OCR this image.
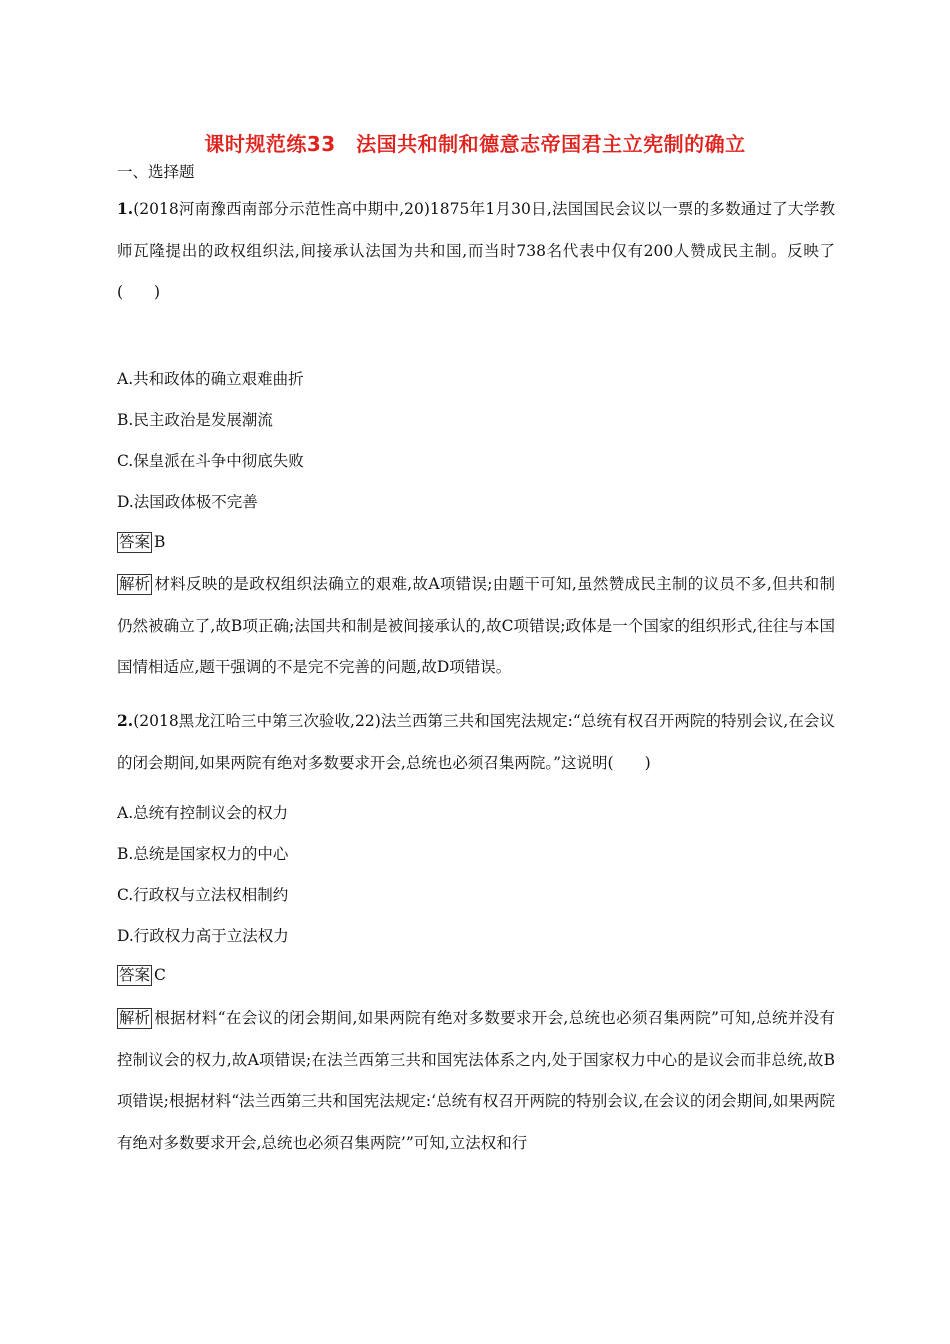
课时规范练33　法国共和制和德意志帝国君主立宪制的确立
一、选择题
1.(2018河南豫西南部分示范性高中期中,20)1875年1月30日,法国国民会议以一票的多数通过了大学教师瓦隆提出的政权组织法,间接承认法国为共和国,而当时738名代表中仅有200人赞成民主制。反映了(　　)
A.共和政体的确立艰难曲折
B.民主政治是发展潮流
C.保皇派在斗争中彻底失败
D.法国政体极不完善
答案 B
解析 材料反映的是政权组织法确立的艰难,故A项错误;由题干可知,虽然赞成民主制的议员不多,但共和制仍然被确立了,故B项正确;法国共和制是被间接承认的,故C项错误;政体是一个国家的组织形式,往往与本国国情相适应,题干强调的不是完不完善的问题,故D项错误。
2.(2018黑龙江哈三中第三次验收,22)法兰西第三共和国宪法规定:“总统有权召开两院的特别会议,在会议的闭会期间,如果两院有绝对多数要求开会,总统也必须召集两院。”这说明(　　)
A.总统有控制议会的权力
B.总统是国家权力的中心
C.行政权与立法权相制约
D.行政权力高于立法权力
答案 C
解析 根据材料“在会议的闭会期间,如果两院有绝对多数要求开会,总统也必须召集两院”可知,总统并没有控制议会的权力,故A项错误;在法兰西第三共和国宪法体系之内,处于国家权力中心的是议会而非总统,故B项错误;根据材料“法兰西第三共和国宪法规定:‘总统有权召开两院的特别会议,在会议的闭会期间,如果两院有绝对多数要求开会,总统也必须召集两院’”可知,立法权和行
